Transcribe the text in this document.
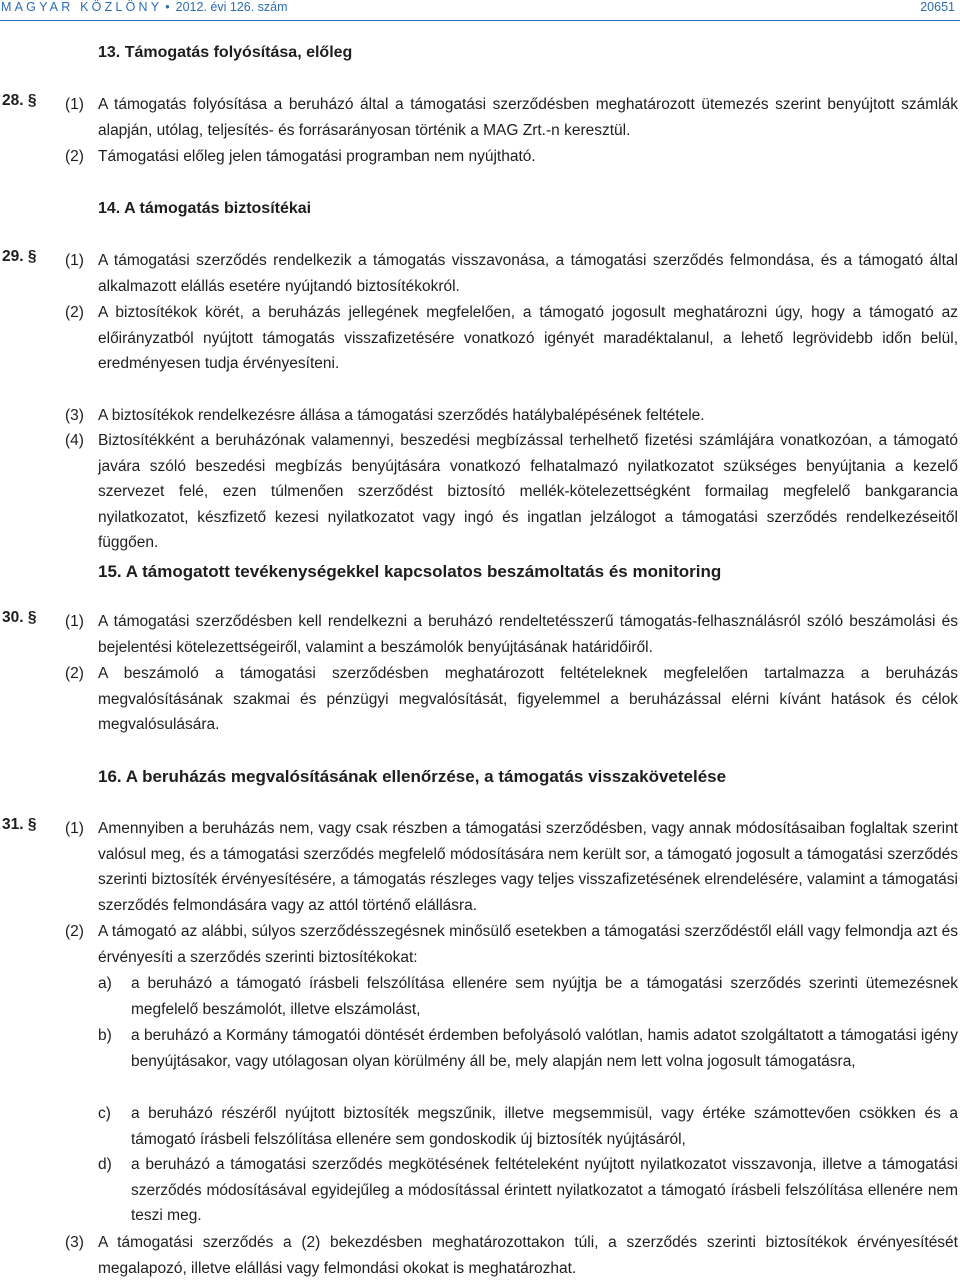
MAGYAR KÖZLÖNY • 2012. évi 126. szám	20651
13. Támogatás folyósítása, előleg
28. § (1) A támogatás folyósítása a beruházó által a támogatási szerződésben meghatározott ütemezés szerint benyújtott számlák alapján, utólag, teljesítés- és forrásarányosan történik a MAG Zrt.-n keresztül.
(2) Támogatási előleg jelen támogatási programban nem nyújtható.
14. A támogatás biztosítékai
29. § (1) A támogatási szerződés rendelkezik a támogatás visszavonása, a támogatási szerződés felmondása, és a támogató által alkalmazott elállás esetére nyújtandó biztosítékokról.
(2) A biztosítékok körét, a beruházás jellegének megfelelően, a támogató jogosult meghatározni úgy, hogy a támogató az előirányzatból nyújtott támogatás visszafizetésére vonatkozó igényét maradéktalanul, a lehető legrövidebb időn belül, eredményesen tudja érvényesíteni.
(3) A biztosítékok rendelkezésre állása a támogatási szerződés hatálybalépésének feltétele.
(4) Biztosítékként a beruházónak valamennyi, beszedési megbízással terhelhető fizetési számlájára vonatkozóan, a támogató javára szóló beszedési megbízás benyújtására vonatkozó felhatalmazó nyilatkozatot szükséges benyújtania a kezelő szervezet felé, ezen túlmenően szerződést biztosító mellék-kötelezettségként formailag megfelelő bankgarancia nyilatkozatot, készfizető kezesi nyilatkozatot vagy ingó és ingatlan jelzálogot a támogatási szerződés rendelkezéseitől függően.
15. A támogatott tevékenységekkel kapcsolatos beszámoltatás és monitoring
30. § (1) A támogatási szerződésben kell rendelkezni a beruházó rendeltetésszerű támogatás-felhasználásról szóló beszámolási és bejelentési kötelezettségeiről, valamint a beszámolók benyújtásának határidőiről.
(2) A beszámoló a támogatási szerződésben meghatározott feltételeknek megfelelően tartalmazza a beruházás megvalósításának szakmai és pénzügyi megvalósítását, figyelemmel a beruházással elérni kívánt hatások és célok megvalósulására.
16. A beruházás megvalósításának ellenőrzése, a támogatás visszakövetelése
31. § (1) Amennyiben a beruházás nem, vagy csak részben a támogatási szerződésben, vagy annak módosításaiban foglaltak szerint valósul meg, és a támogatási szerződés megfelelő módosítására nem került sor, a támogató jogosult a támogatási szerződés szerinti biztosíték érvényesítésére, a támogatás részleges vagy teljes visszafizetésének elrendelésére, valamint a támogatási szerződés felmondására vagy az attól történő elállásra.
(2) A támogató az alábbi, súlyos szerződésszegésnek minősülő esetekben a támogatási szerződéstől eláll vagy felmondja azt és érvényesíti a szerződés szerinti biztosítékokat:
a) a beruházó a támogató írásbeli felszólítása ellenére sem nyújtja be a támogatási szerződés szerinti ütemezésnek megfelelő beszámolót, illetve elszámolást,
b) a beruházó a Kormány támogatói döntését érdemben befolyásoló valótlan, hamis adatot szolgáltatott a támogatási igény benyújtásakor, vagy utólagosan olyan körülmény áll be, mely alapján nem lett volna jogosult támogatásra,
c) a beruházó részéről nyújtott biztosíték megszűnik, illetve megsemmisül, vagy értéke számottevően csökken és a támogató írásbeli felszólítása ellenére sem gondoskodik új biztosíték nyújtásáról,
d) a beruházó a támogatási szerződés megkötésének feltételeként nyújtott nyilatkozatot visszavonja, illetve a támogatási szerződés módosításával egyidejűleg a módosítással érintett nyilatkozatot a támogató írásbeli felszólítása ellenére nem teszi meg.
(3) A támogatási szerződés a (2) bekezdésben meghatározottakon túli, a szerződés szerinti biztosítékok érvényesítését megalapozó, illetve elállási vagy felmondási okokat is meghatározhat.
